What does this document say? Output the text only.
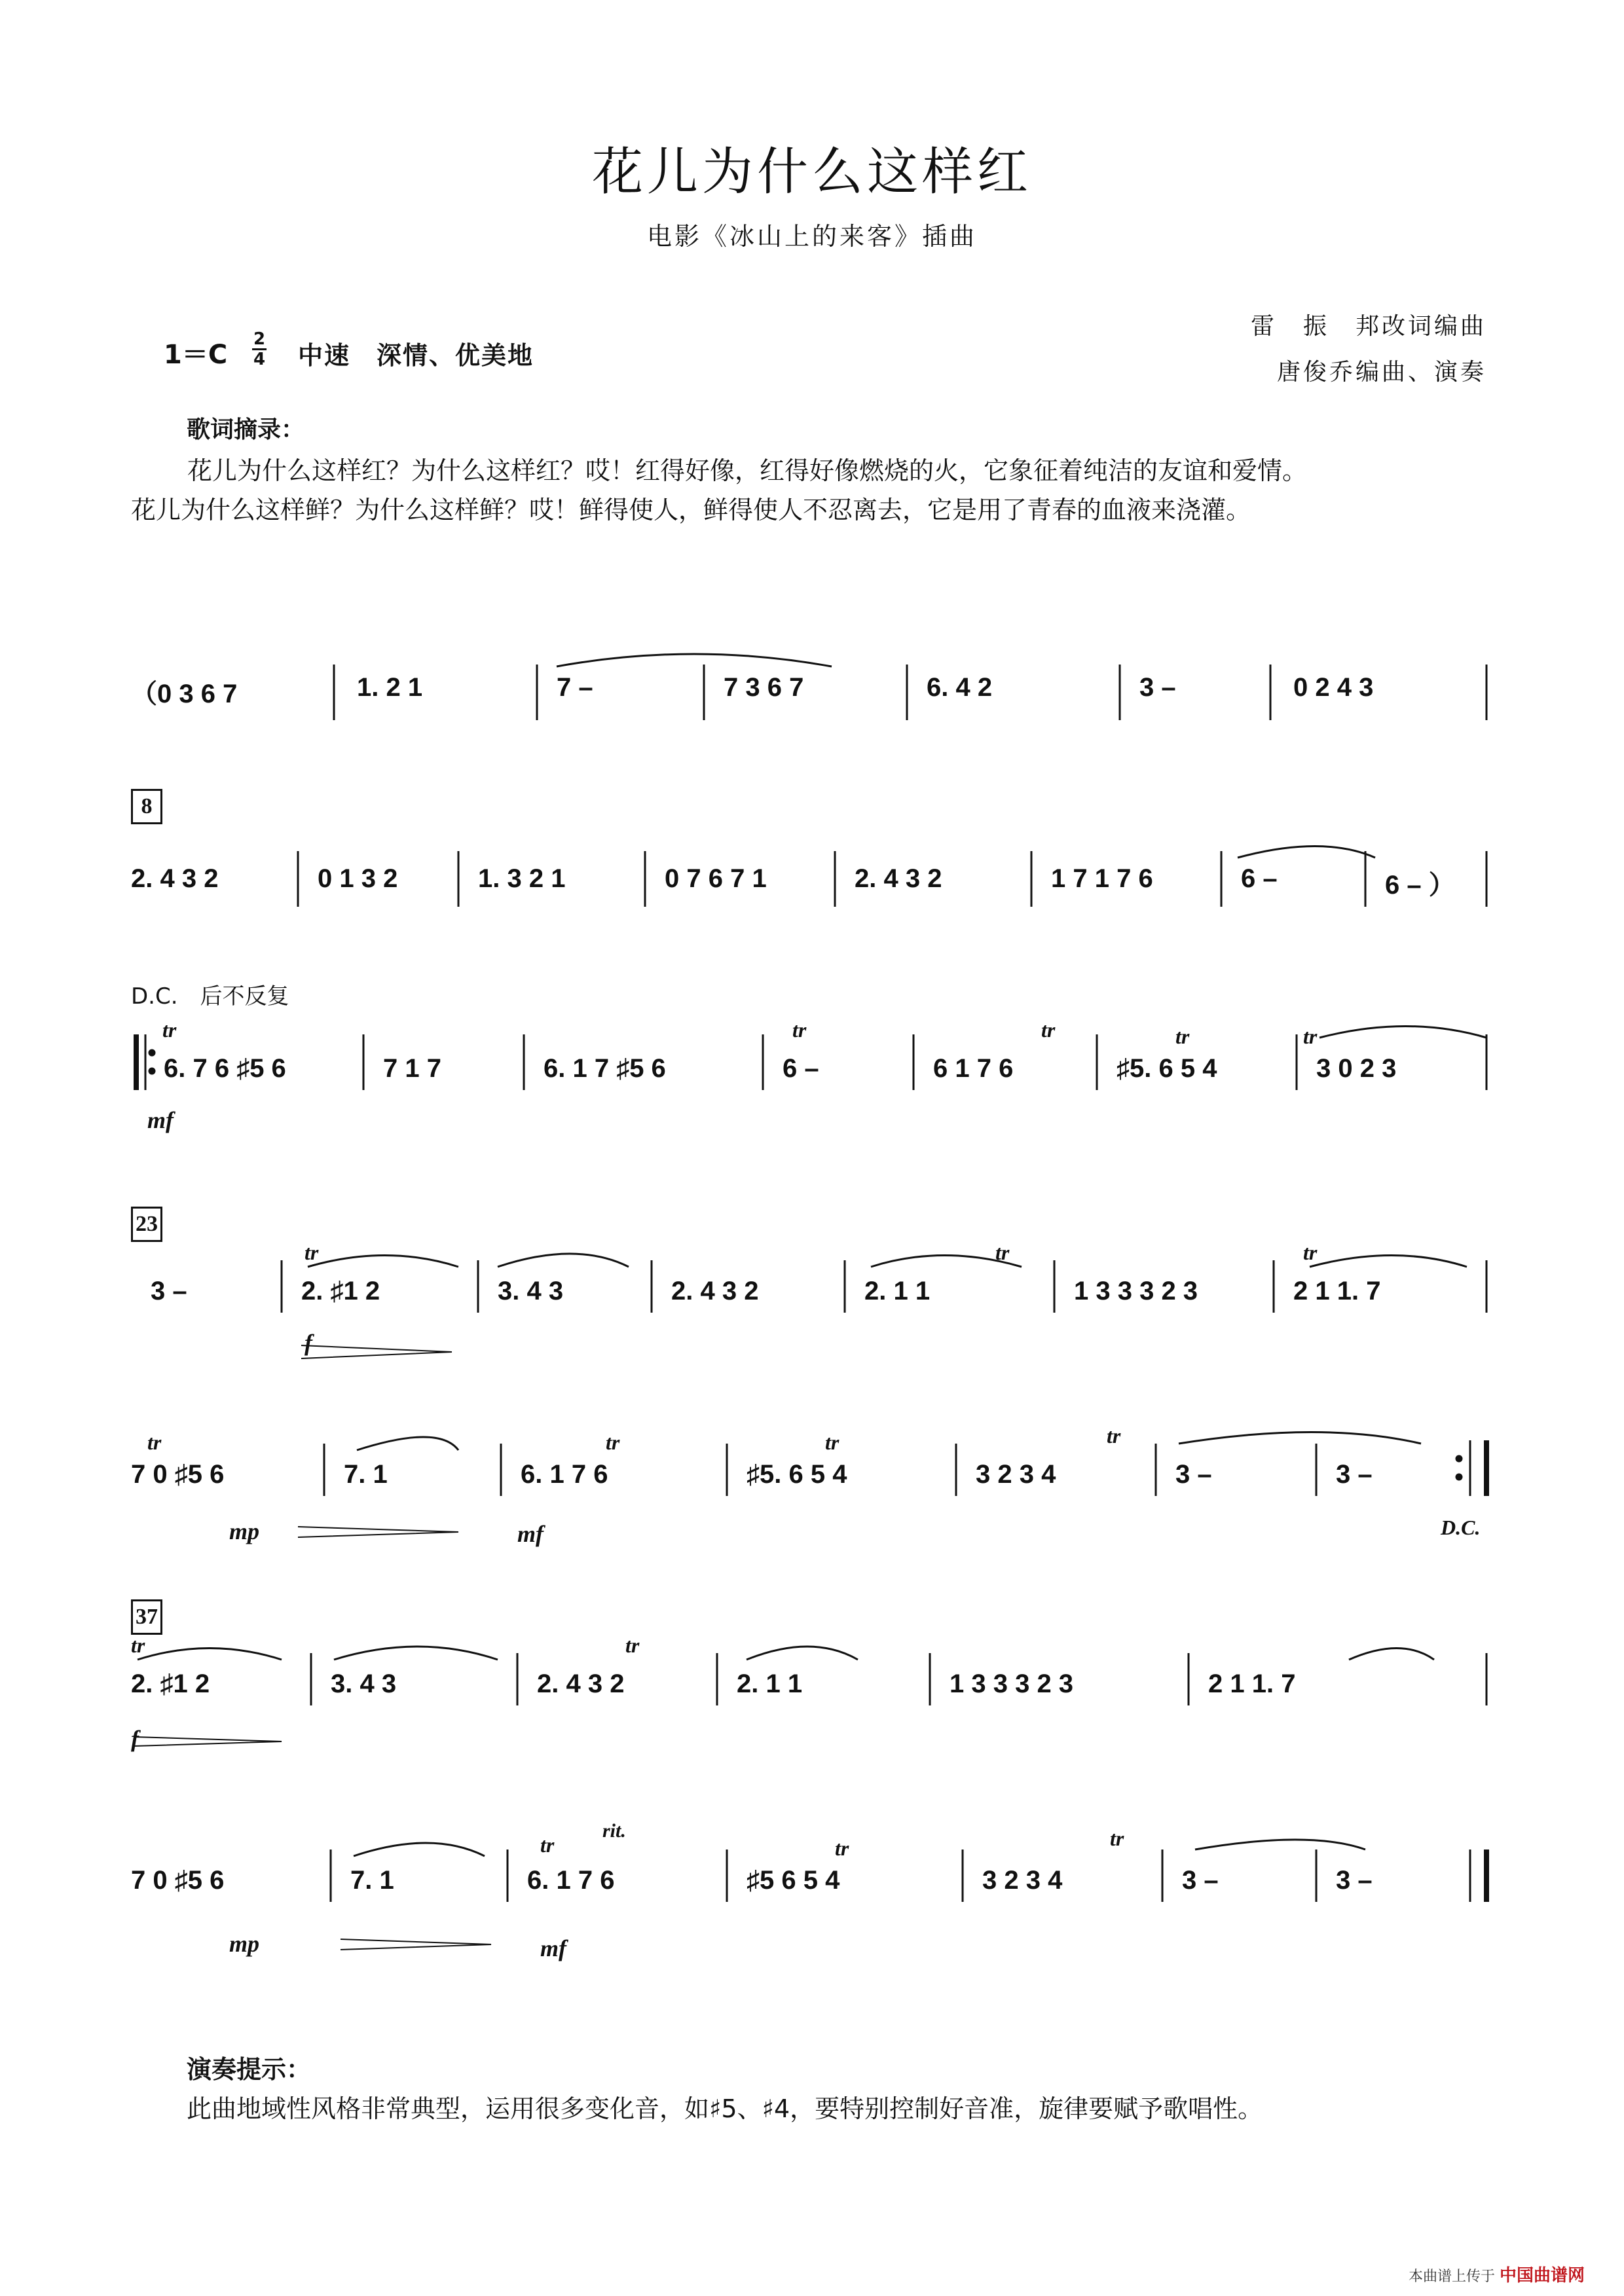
花儿为什么这样红
电影《冰山上的来客》插曲
1＝C
2
4 中速　深情、优美地
雷　振　邦改词编曲
唐俊乔编曲、演奏
歌词摘录：
花儿为什么这样红？为什么这样红？哎！红得好像，红得好像燃烧的火，它象征着纯洁的友谊和爱情。
花儿为什么这样鲜？为什么这样鲜？哎！鲜得使人，鲜得使人不忍离去，它是用了青春的血液来浇灌。
（0 3 6 7	1. 2 1	7 –	7 3 6 7	6. 4 2	3 –	0 2 4 3
8
2. 4 3 2	0 1 3 2	1. 3 2 1	0 7 6 7 1	2. 4 3 2	1 7 1 7 6	6 –	6 – ）
D.C.　后不反复
tr	tr	tr	tr	tr
6. 7 6 ♯5 6	7 1 7	6. 1 7 ♯5 6	6 –	6 1 7 6	♯5. 6 5 4	3 0 2 3
mf
23
tr	tr	tr
3 –	2. ♯1 2	3. 4 3	2. 4 3 2	2. 1 1	1 3 3 3 2 3	2 1 1. 7
f
tr	tr	tr	tr
7 0 ♯5 6	7. 1	6. 1 7 6	♯5. 6 5 4	3 2 3 4	3 –	3 –
mp	mf	D.C.
37
tr	tr
2. ♯1 2	3. 4 3	2. 4 3 2	2. 1 1	1 3 3 3 2 3	2 1 1. 7
f
tr	tr	tr
rit.
7 0 ♯5 6	7. 1	6. 1 7 6	♯5 6 5 4	3 2 3 4	3 –	3 –
mp	mf
演奏提示：
此曲地域性风格非常典型，运用很多变化音，如♯5、♯4，要特别控制好音准，旋律要赋予歌唱性。
本曲谱上传于 中国曲谱网
